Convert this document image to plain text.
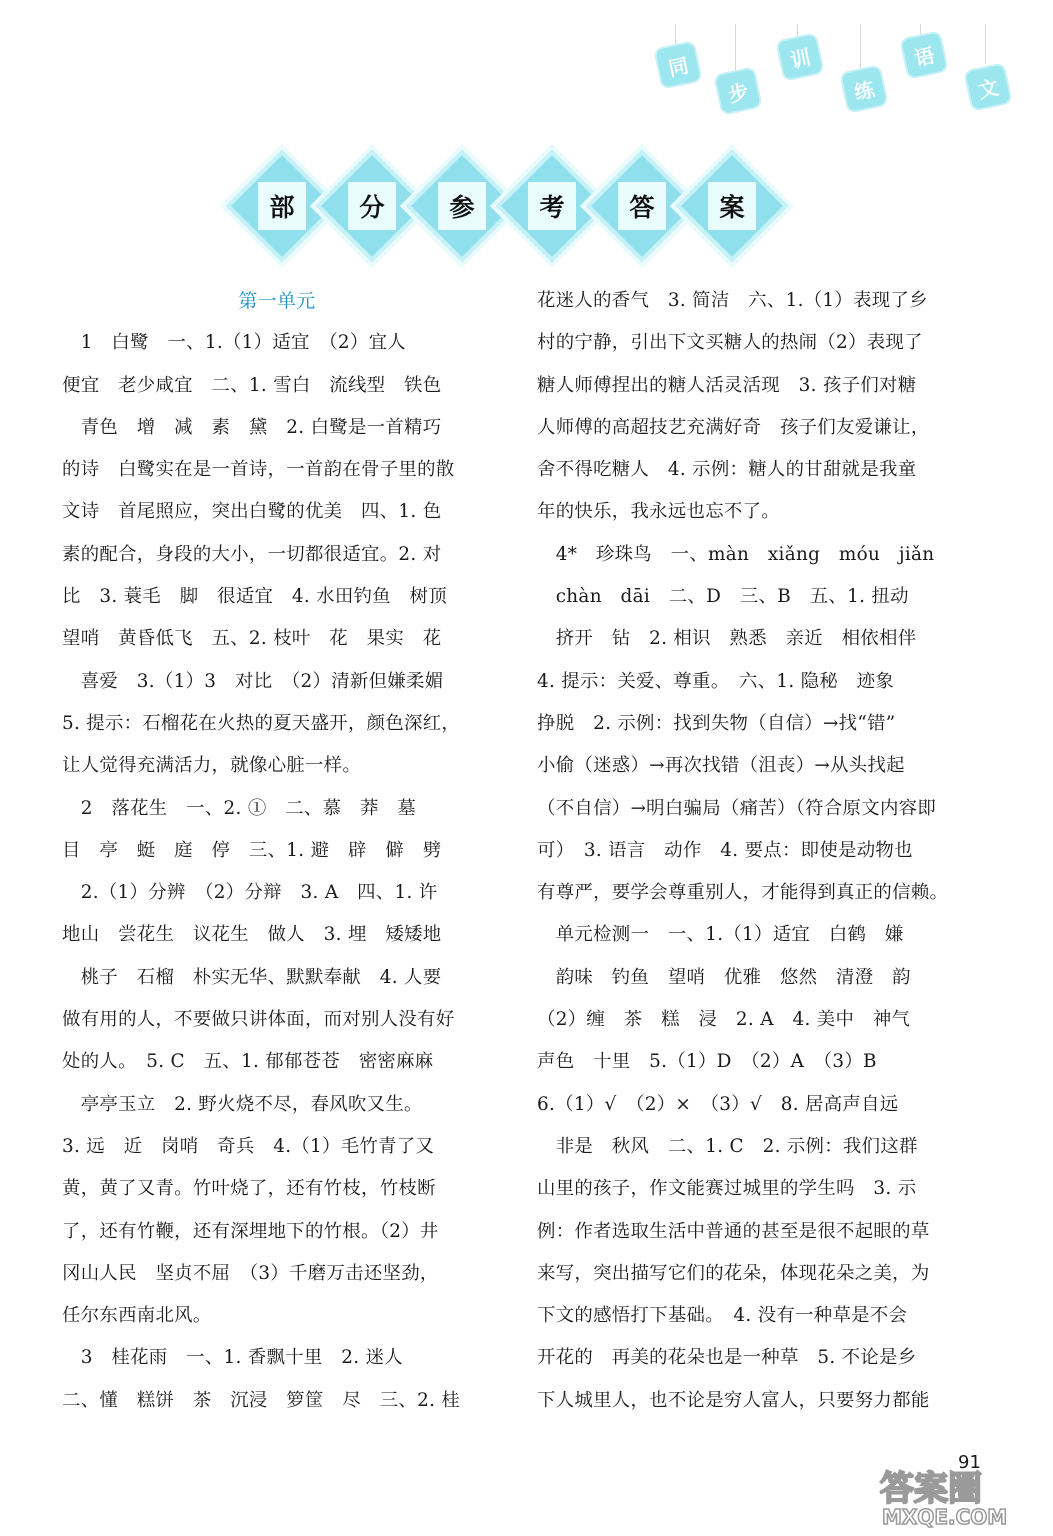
同
步
训
练
语
文
部	分	参	考	答	案
第一单元
　1　白鹭　一、1.（1）适宜　（2）宜人
便宜　老少咸宜　二、1. 雪白　流线型　铁色
　青色　增　减　素　黛　2. 白鹭是一首精巧
的诗　白鹭实在是一首诗，一首韵在骨子里的散
文诗　首尾照应，突出白鹭的优美　四、1. 色
素的配合，身段的大小，一切都很适宜。2. 对
比　3. 蓑毛　脚　很适宜　4. 水田钓鱼　树顶
望哨　黄昏低飞　五、2. 枝叶　花　果实　花
　喜爱　3.（1）3　对比　（2）清新但嫌柔媚
5. 提示：石榴花在火热的夏天盛开，颜色深红，
让人觉得充满活力，就像心脏一样。
　2　落花生　一、2. ①　二、慕　莽　墓
目　亭　蜓　庭　停　三、1. 避　辟　僻　劈
　2.（1）分辨　（2）分辩　3. A　四、1. 许
地山　尝花生　议花生　做人　3. 埋　矮矮地
　桃子　石榴　朴实无华、默默奉献　4. 人要
做有用的人，不要做只讲体面，而对别人没有好
处的人。　5. C　五、1. 郁郁苍苍　密密麻麻
　亭亭玉立　2. 野火烧不尽，春风吹又生。
3. 远　近　岗哨　奇兵　4.（1）毛竹青了又
黄，黄了又青。竹叶烧了，还有竹枝，竹枝断
了，还有竹鞭，还有深埋地下的竹根。（2）井
冈山人民　坚贞不屈　（3）千磨万击还坚劲，
任尔东西南北风。
　3　桂花雨　一、1. 香飘十里　2. 迷人
二、懂　糕饼　茶　沉浸　箩筐　尽　三、2. 桂
花迷人的香气　3. 简洁　六、1.（1）表现了乡
村的宁静，引出下文买糖人的热闹（2）表现了
糖人师傅捏出的糖人活灵活现　3. 孩子们对糖
人师傅的高超技艺充满好奇　孩子们友爱谦让，
舍不得吃糖人　4. 示例：糖人的甘甜就是我童
年的快乐，我永远也忘不了。
　4*　珍珠鸟　一、màn　xiǎng　móu　jiǎn
　chàn　dāi　二、D　三、B　五、1. 扭动
　挤开　钻　2. 相识　熟悉　亲近　相依相伴
4. 提示：关爱、尊重。　六、1. 隐秘　迹象
挣脱　2. 示例：找到失物（自信）→找“错”
小偷（迷惑）→再次找错（沮丧）→从头找起
（不自信）→明白骗局（痛苦）（符合原文内容即
可）　3. 语言　动作　4. 要点：即使是动物也
有尊严，要学会尊重别人，才能得到真正的信赖。
　单元检测一　一、1.（1）适宜　白鹤　嫌
　韵味　钓鱼　望哨　优雅　悠然　清澄　韵
（2）缠　茶　糕　浸　2. A　4. 美中　神气
声色　十里　5.（1）D　（2）A　（3）B
6.（1）√　（2）×　（3）√　8. 居高声自远
　非是　秋风　二、1. C　2. 示例：我们这群
山里的孩子，作文能赛过城里的学生吗　3. 示
例：作者选取生活中普通的甚至是很不起眼的草
来写，突出描写它们的花朵，体现花朵之美，为
下文的感悟打下基础。　4. 没有一种草是不会
开花的　再美的花朵也是一种草　5. 不论是乡
下人城里人，也不论是穷人富人，只要努力都能
91
答案圈
MXQE.COM
